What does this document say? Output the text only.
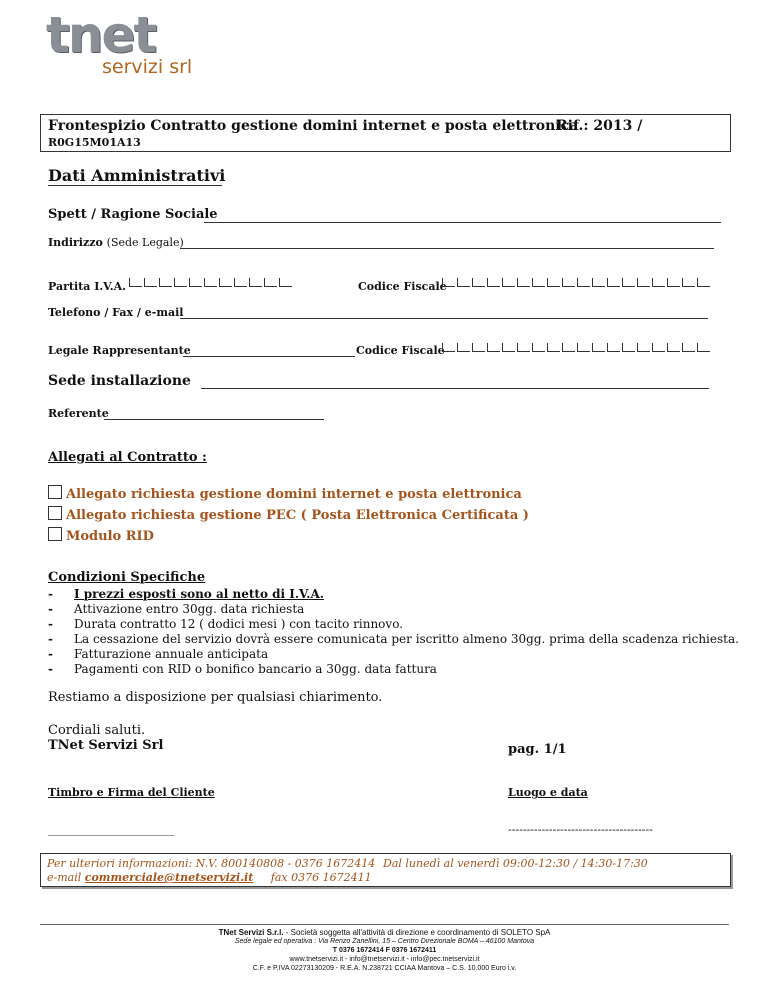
tnet
servizi srl
Frontespizio Contratto gestione domini internet e posta elettronica
Rif.: 2013 /
R0G15M01A13
Dati Amministrativi
Spett / Ragione Sociale
Indirizzo (Sede Legale)
Partita I.V.A.	Codice Fiscale
Telefono / Fax / e-mail
Legale Rappresentante	Codice Fiscale
Sede installazione
Referente
Allegati al Contratto :
Allegato richiesta gestione domini internet e posta elettronica
Allegato richiesta gestione PEC ( Posta Elettronica Certificata )
Modulo RID
Condizioni Specifiche
- I prezzi esposti sono al netto di I.V.A.
- Attivazione entro 30gg. data richiesta
- Durata contratto 12 ( dodici mesi ) con tacito rinnovo.
- La cessazione del servizio dovrà essere comunicata per iscritto almeno 30gg. prima della scadenza richiesta.
- Fatturazione annuale anticipata
- Pagamenti con RID o bonifico bancario a 30gg. data fattura
Restiamo a disposizione per qualsiasi chiarimento.
Cordiali saluti.
TNet Servizi Srl	pag. 1/1
Timbro e Firma del Cliente	Luogo e data
_______________________	---------------------------------------
Per ulteriori informazioni: N.V. 800140808 - 0376 1672414
e-mail commerciale@tnetservizi.it fax 0376 1672411
Dal lunedì al venerdì 09:00-12:30 / 14:30-17:30
TNet Servizi S.r.l. - Società soggetta all'attività di direzione e coordinamento di SOLETO SpA
Sede legale ed operativa : Via Renzo Zanellini, 15 – Centro Direzionale BOMA – 46100 Mantova
T 0376 1672414 F 0376 1672411
www.tnetservizi.it - info@tnetservizi.it - info@pec.tnetservizi.it
C.F. e P.IVA 02273130209 - R.E.A. N.238721 CCIAA Mantova – C.S. 10.000 Euro i.v.
